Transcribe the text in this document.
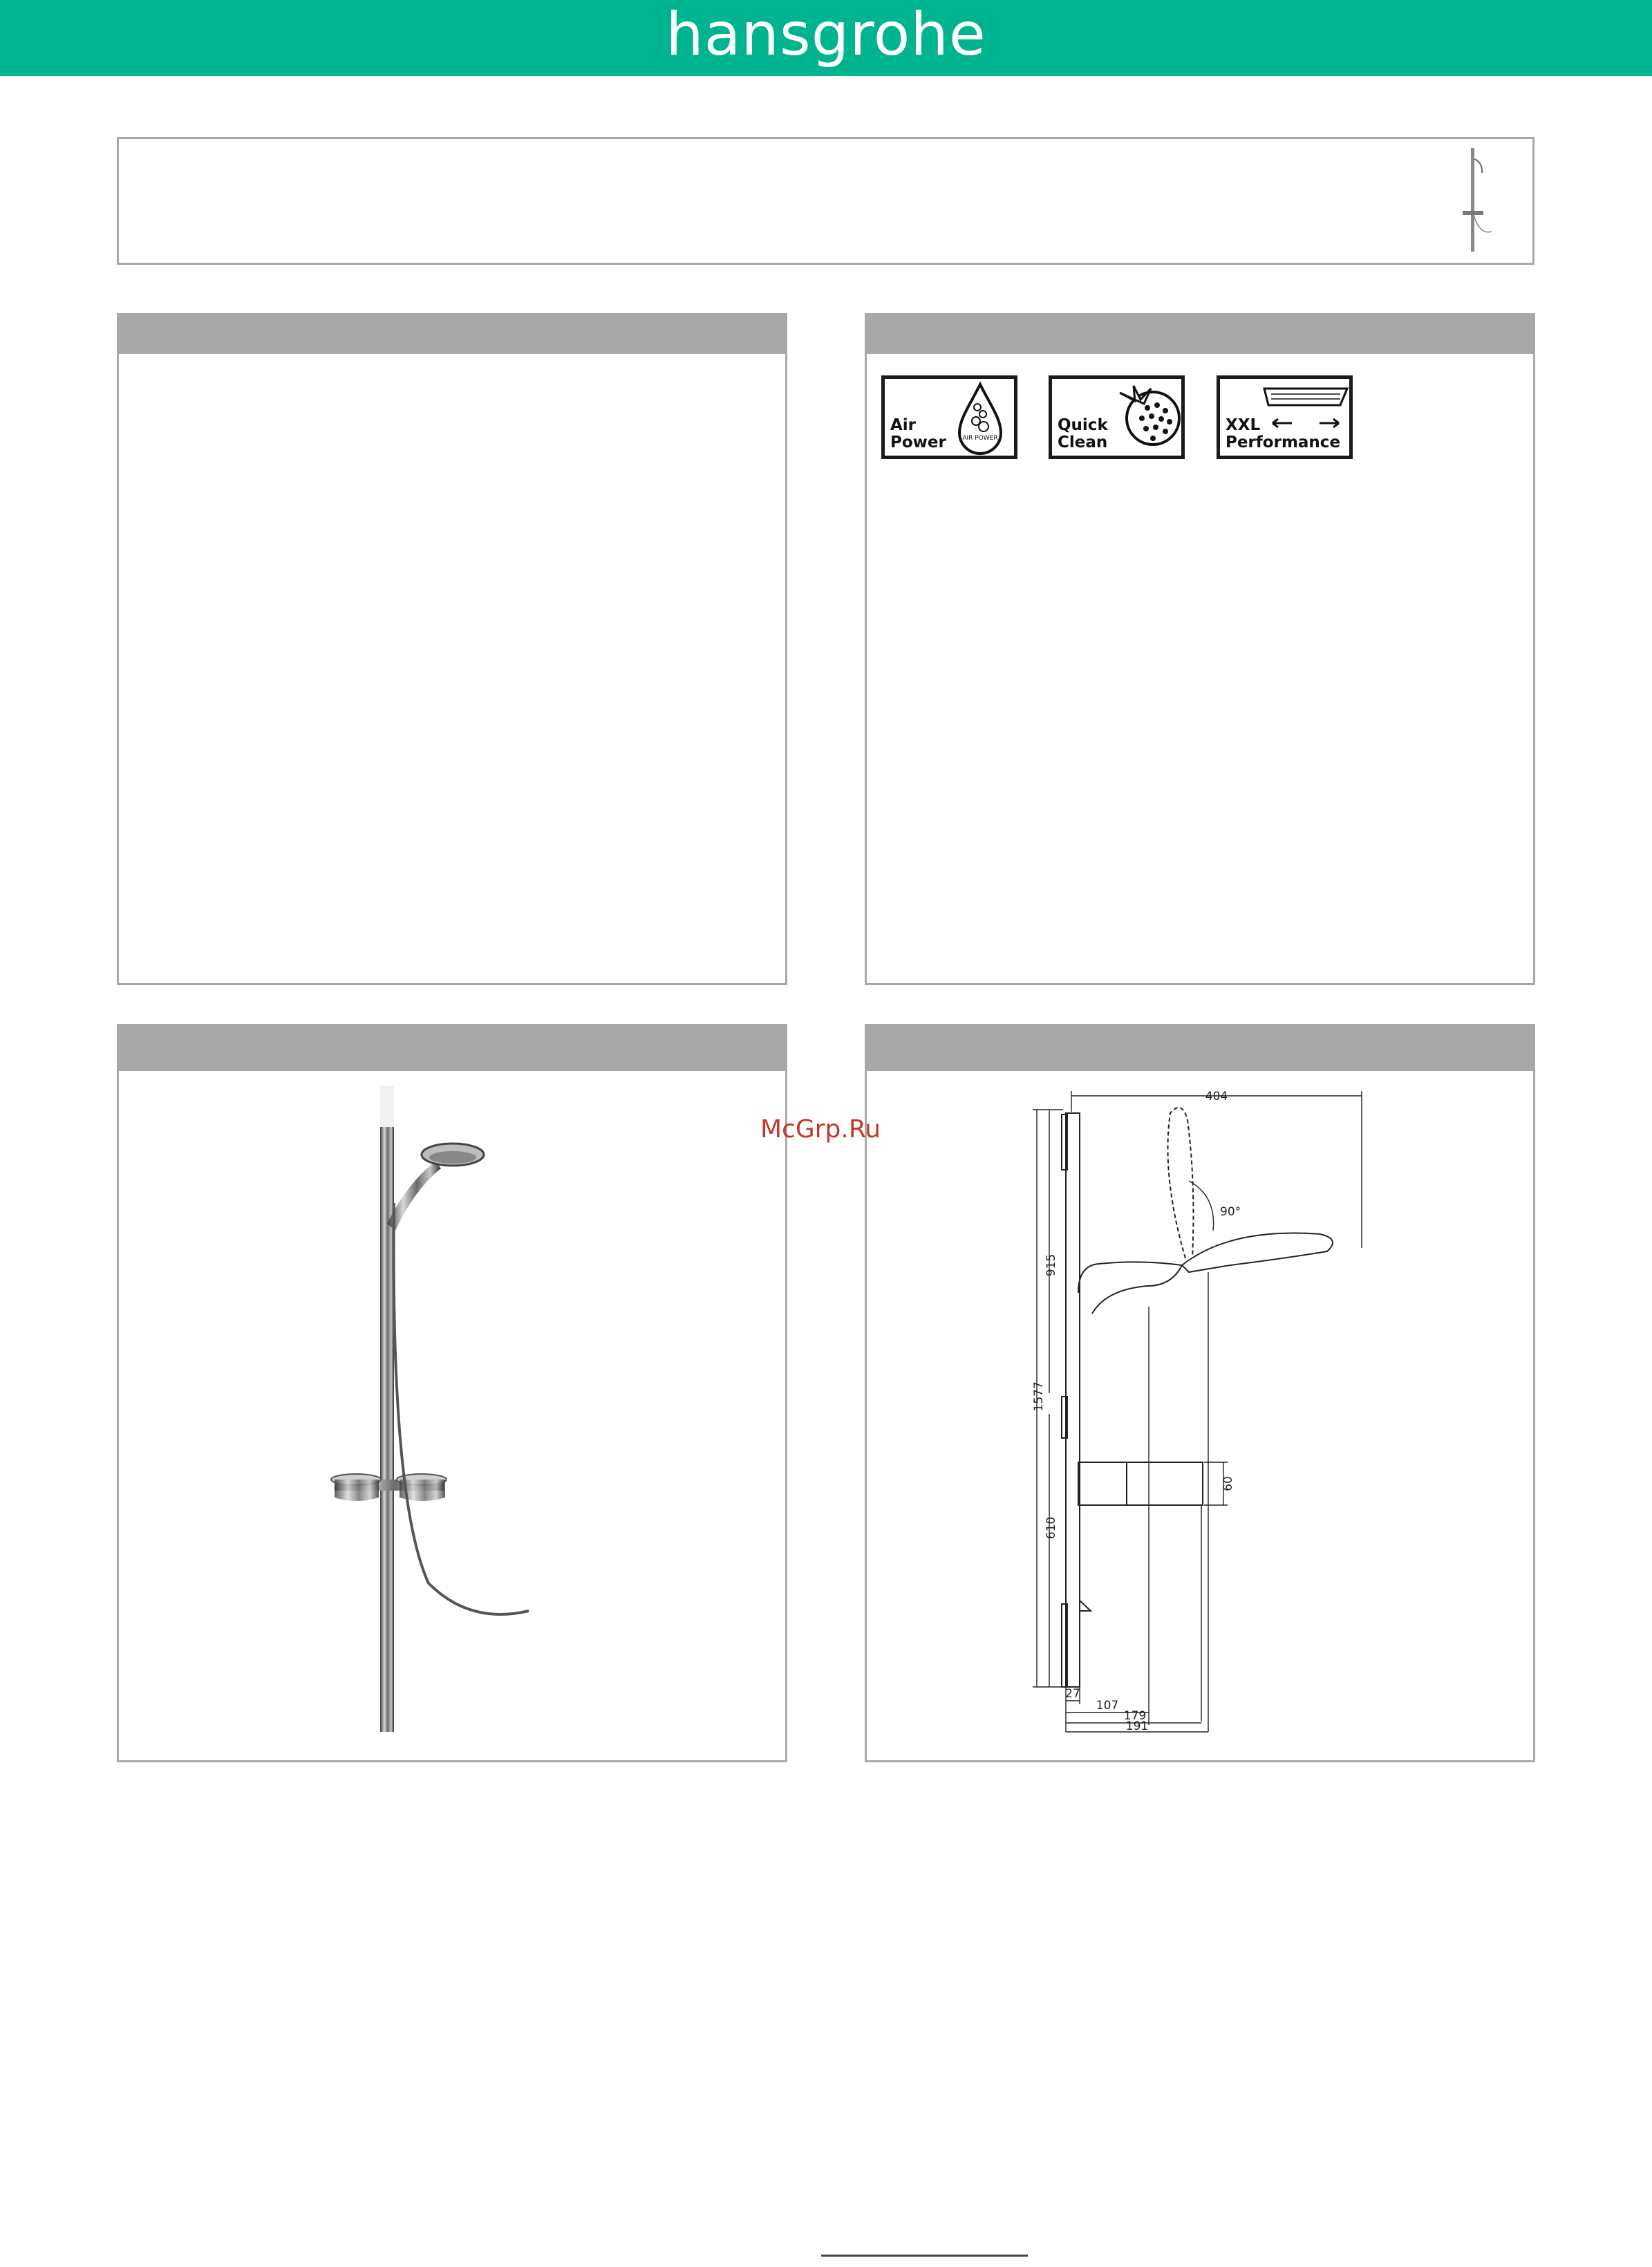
hansgrohe
AIR POWER
Air
Power
Quick
Clean
XXL
Performance
404
90°
915
1577
610
60
27
107
179
191
McGrp.Ru
